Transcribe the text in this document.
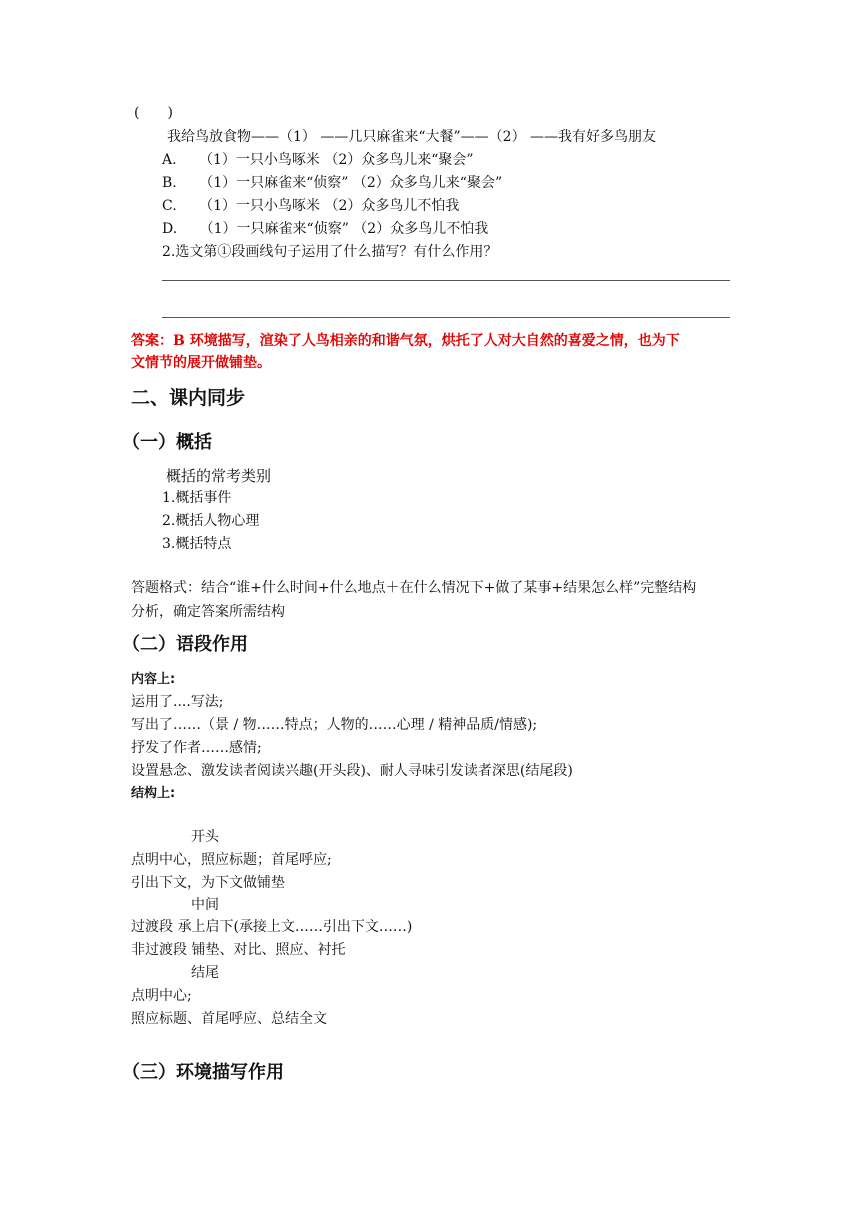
(　　)
我给鸟放食物——（1） ——几只麻雀来“大餐”——（2） ——我有好多鸟朋友
A. （1）一只小鸟啄米 （2）众多鸟儿来“聚会”
B. （1）一只麻雀来“侦察” （2）众多鸟儿来“聚会”
C. （1）一只小鸟啄米 （2）众多鸟儿不怕我
D. （1）一只麻雀来“侦察” （2）众多鸟儿不怕我
2.选文第①段画线句子运用了什么描写？有什么作用？
答案：B 环境描写，渲染了人鸟相亲的和谐气氛，烘托了人对大自然的喜爱之情，也为下
文情节的展开做铺垫。
二、课内同步
（一）概括
概括的常考类别
1.概括事件
2.概括人物心理
3.概括特点
答题格式：结合“谁+什么时间+什么地点＋在什么情况下+做了某事+结果怎么样”完整结构
分析，确定答案所需结构
（二）语段作用
内容上:
运用了....写法;
写出了……（景 / 物……特点；人物的……心理 / 精神品质/情感);
抒发了作者……感情;
设置悬念、激发读者阅读兴趣(开头段)、耐人寻味引发读者深思(结尾段)
结构上:
开头
点明中心，照应标题；首尾呼应;
引出下文，为下文做铺垫
中间
过渡段 承上启下(承接上文……引出下文……)
非过渡段 铺垫、对比、照应、衬托
结尾
点明中心;
照应标题、首尾呼应、总结全文
（三）环境描写作用
